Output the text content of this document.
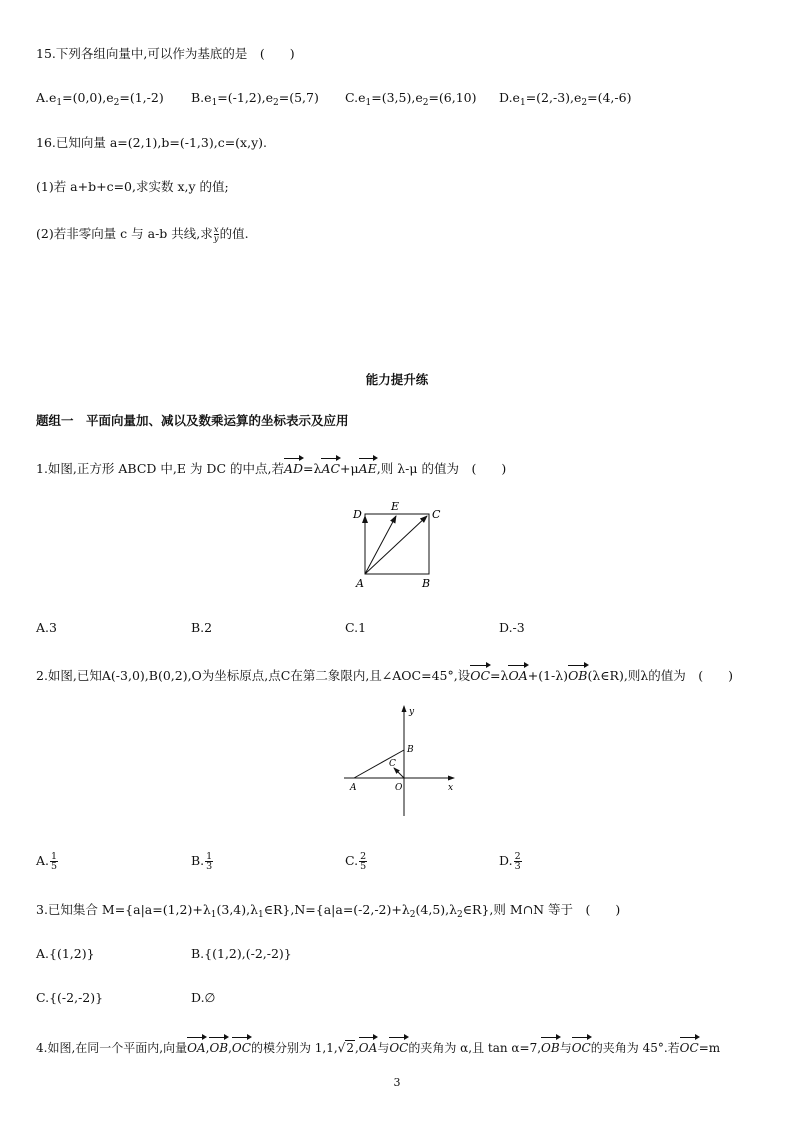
15.下列各组向量中,可以作为基底的是　(　　)
$A.e_1=(0,0),e_2=(1,-2)$ $B.e_1=(-1,2),e_2=(5,7)$ $C.e_1=(3,5),e_2=(6,10)$ $D.e_1=(2,-3),e_2=(4,-6)$
16.已知向量 a=(2,1),b=(-1,3),c=(x,y).
(1)若 a+b+c=0,求实数 x,y 的值;
(2)若非零向量 c 与 a-b 共线,求 $\frac{x}{y}$ 的值.
能力提升练
题组一　平面向量加、减以及数乘运算的坐标表示及应用
1.如图,正方形 ABCD 中,E 为 DC 的中点,若AD=λAC+μAE,则 λ-μ 的值为　(　　)
D
E
C
A	B
A.3	B.2	C.1	D.-3
2.如图,已知A(-3,0),B(0,2),O为坐标原点,点C在第二象限内,且∠AOC=45°,设OC=λOA+(1-λ)OB(λ∈R),则λ的值为　(　　)
y
B
C
A	O	x
A. $\frac{1}{5}$	B. $\frac{1}{3}$	C. $\frac{2}{5}$	D. $\frac{2}{3}$
3.已知集合 $M=\{a|a=(1,2)+\lambda_1(3,4),\lambda_1\in R\},N=\{a|a=(-2,-2)+\lambda_2(4,5),\lambda_2\in R\}$,则 M∩N 等于　(　　)
A.{(1,2)}	B.{(1,2),(-2,-2)}
C.{(-2,-2)}	D.∅
4.如图,在同一个平面内,向量OA,OB,OC的模分别为 1,1,√2,OA与OC的夹角为 α,且 tan α=7,OB与OC的夹角为 45°.若OC=m
3
